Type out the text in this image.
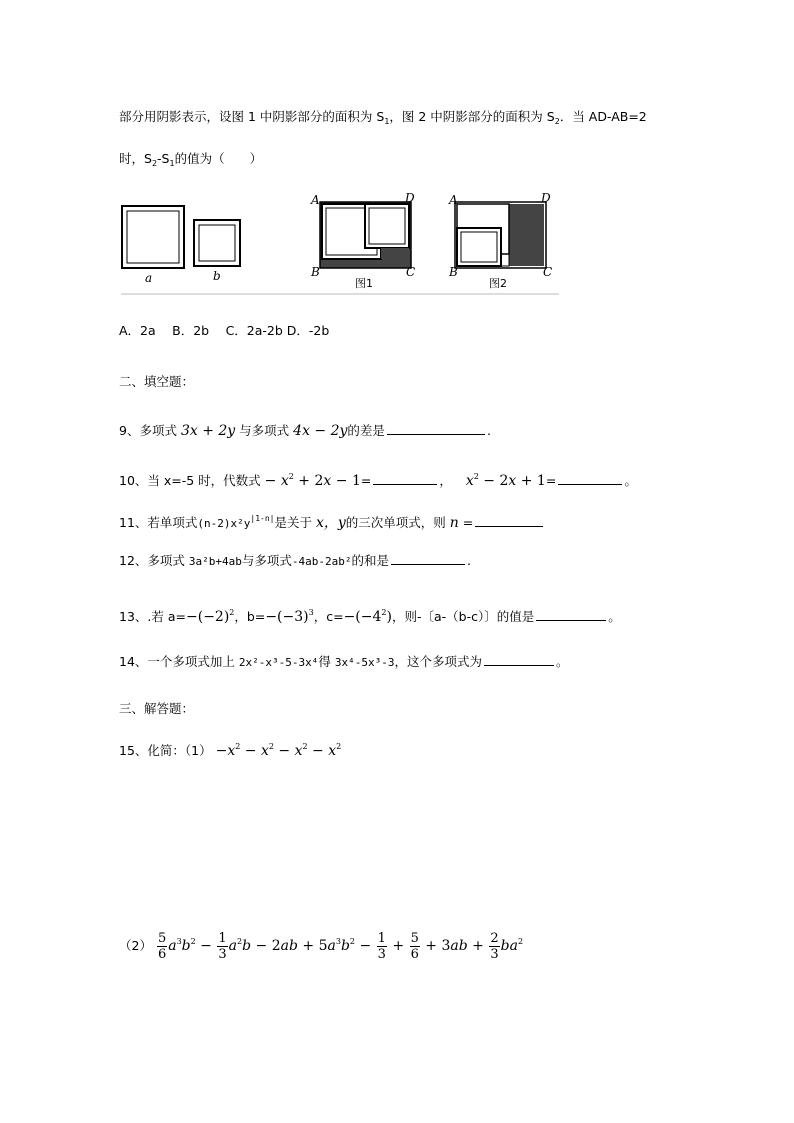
部分用阴影表示，设图 1 中阴影部分的面积为 $S_1$，图 2 中阴影部分的面积为 $S_2$．当 AD-AB=2
时，$S_2-S_1$的值为（　　）
a	b
A	D
B	C
图1
A	D
B	C
图2
A．2a　 B．2b　 C．2a-2b D．-2b
二、填空题：
9、多项式 3x + 2y 与多项式 4x − 2y的差是	.
10、当 x=-5 时，代数式 − $x^2 + 2x - 1=$	， $x^2 - 2x + 1=$	。
11、若单项式$(n-2)x^2y^{|1-n|}$是关于 x，y的三次单项式，则 n =
12、多项式 3a²b+4ab与多项式-4ab-2ab²的和是	.
13、.若 $a=-(-2)^2$，$b=-(-3)^3$，$c=-(-4^2)$，则-〔a-（b-c）〕的值是	。
14、一个多项式加上 2x²-x³-5-3x⁴得 3x⁴-5x³-3，这个多项式为	。
三、解答题：
15、化简：$(1) -x^2 - x^2 - x^2 - x^2$
$(2) \frac{5}{6} a^3b^2 - \frac{1}{3} a^2b - 2ab + 5a^3b^2 - \frac{1}{3} + \frac{5}{6} + 3ab + \frac{2}{3} ba^2$
